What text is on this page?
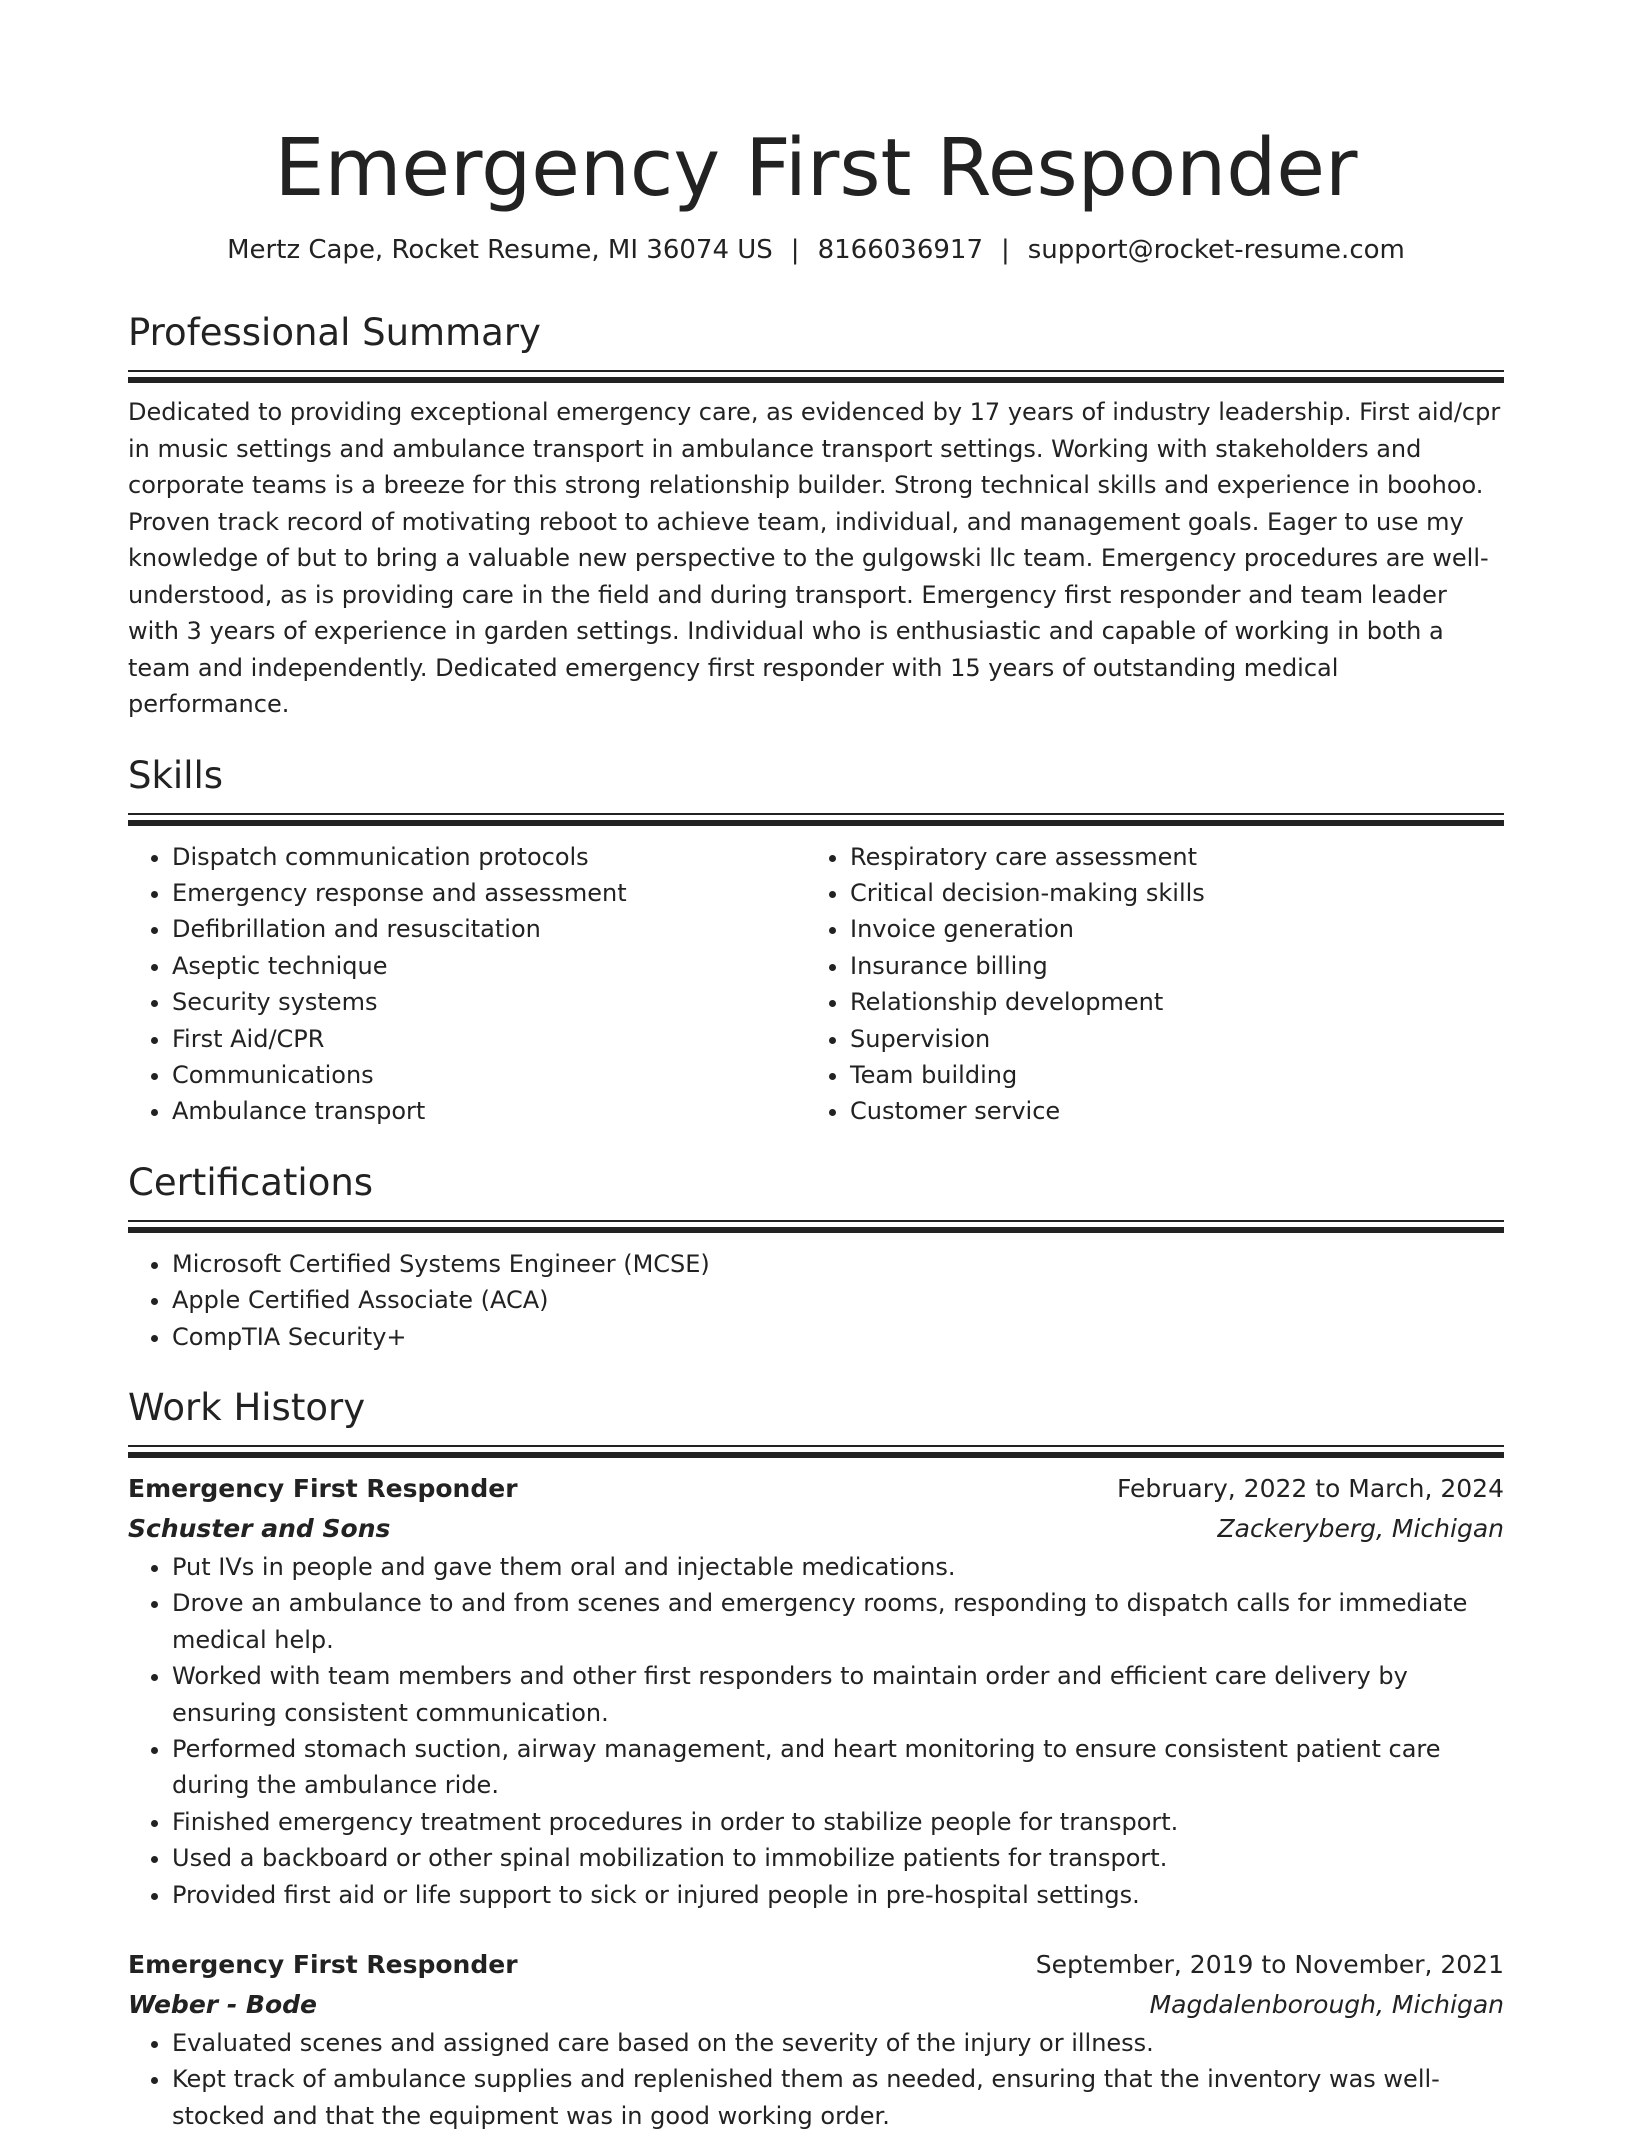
Emergency First Responder
Mertz Cape, Rocket Resume, MI 36074 US | 8166036917 | support@rocket-resume.com
Professional Summary
Dedicated to providing exceptional emergency care, as evidenced by 17 years of industry leadership. First aid/cpr in music settings and ambulance transport in ambulance transport settings. Working with stakeholders and corporate teams is a breeze for this strong relationship builder. Strong technical skills and experience in boohoo. Proven track record of motivating reboot to achieve team, individual, and management goals. Eager to use my knowledge of but to bring a valuable new perspective to the gulgowski llc team. Emergency procedures are well-understood, as is providing care in the field and during transport. Emergency first responder and team leader with 3 years of experience in garden settings. Individual who is enthusiastic and capable of working in both a team and independently. Dedicated emergency first responder with 15 years of outstanding medical performance.
Skills
• Dispatch communication protocols
• Emergency response and assessment
• Defibrillation and resuscitation
• Aseptic technique
• Security systems
• First Aid/CPR
• Communications
• Ambulance transport
• Respiratory care assessment
• Critical decision-making skills
• Invoice generation
• Insurance billing
• Relationship development
• Supervision
• Team building
• Customer service
Certifications
• Microsoft Certified Systems Engineer (MCSE)
• Apple Certified Associate (ACA)
• CompTIA Security+
Work History
Emergency First Responder	February, 2022 to March, 2024
Schuster and Sons	Zackeryberg, Michigan
• Put IVs in people and gave them oral and injectable medications.
• Drove an ambulance to and from scenes and emergency rooms, responding to dispatch calls for immediate medical help.
• Worked with team members and other first responders to maintain order and efficient care delivery by ensuring consistent communication.
• Performed stomach suction, airway management, and heart monitoring to ensure consistent patient care during the ambulance ride.
• Finished emergency treatment procedures in order to stabilize people for transport.
• Used a backboard or other spinal mobilization to immobilize patients for transport.
• Provided first aid or life support to sick or injured people in pre-hospital settings.
Emergency First Responder	September, 2019 to November, 2021
Weber - Bode	Magdalenborough, Michigan
• Evaluated scenes and assigned care based on the severity of the injury or illness.
• Kept track of ambulance supplies and replenished them as needed, ensuring that the inventory was well-stocked and that the equipment was in good working order.
